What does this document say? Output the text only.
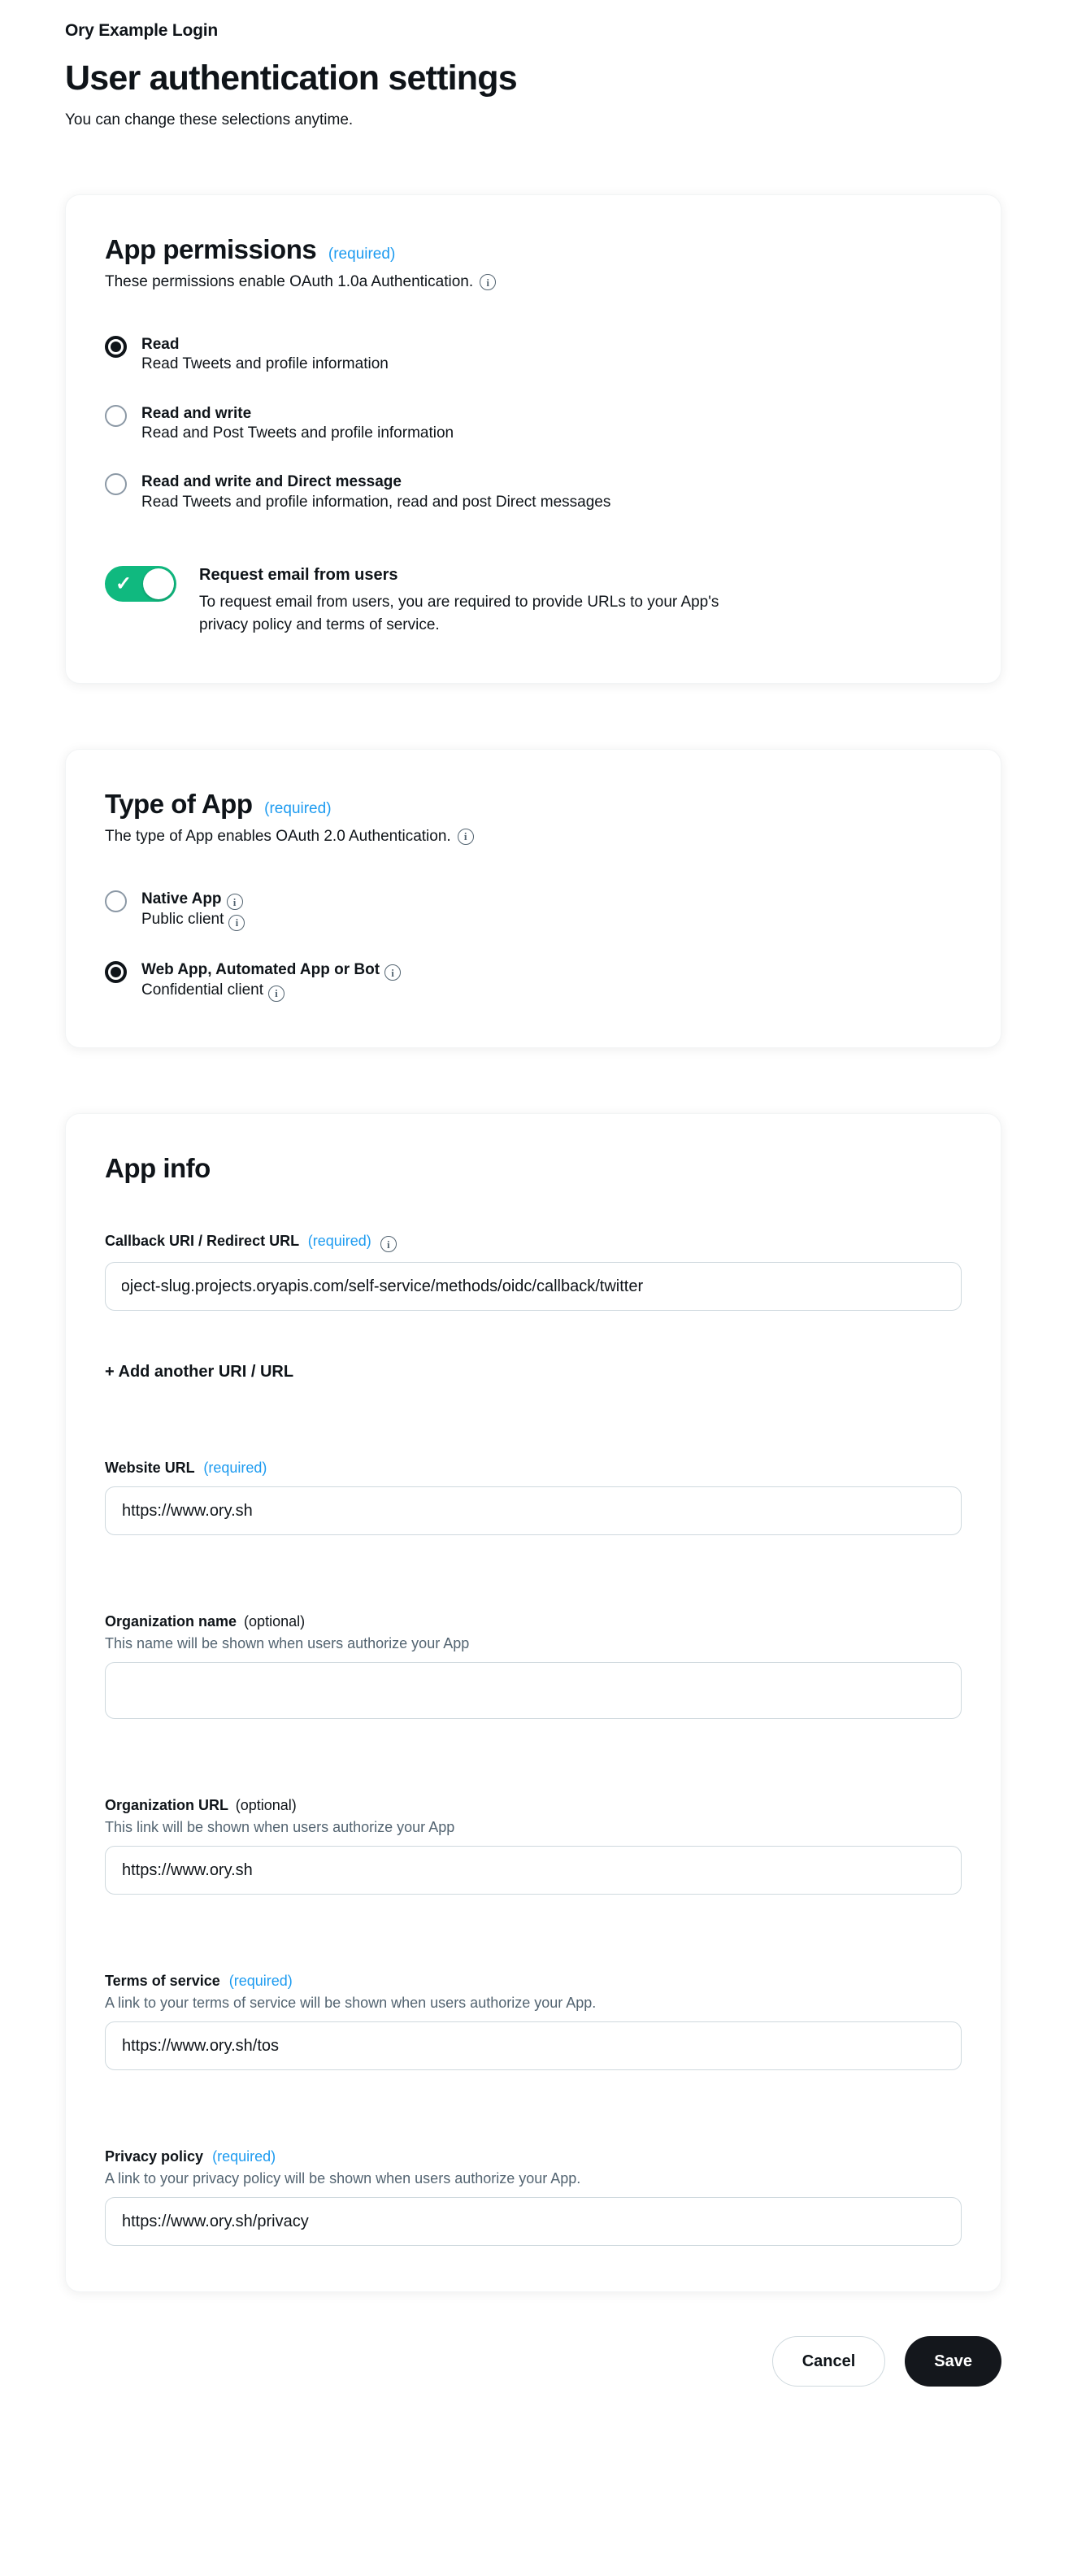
Ory Example Login
User authentication settings
You can change these selections anytime.
App permissions (required)
These permissions enable OAuth 1.0a Authentication.
i
Read
Read Tweets and profile information
Read and write
Read and Post Tweets and profile information
Read and write and Direct message
Read Tweets and profile information, read and post Direct messages
✓
Request email from users
To request email from users, you are required to provide URLs to your App's privacy policy and terms of service.
Type of App (required)
The type of App enables OAuth 2.0 Authentication.
i
Native Appi
Public clienti
Web App, Automated App or Boti
Confidential clienti
App info
Callback URI / Redirect URL (required) i
roject-slug.projects.oryapis.com/self-service/methods/oidc/callback/twitter
+ Add another URI / URL
Website URL (required)
https://www.ory.sh
Organization name (optional)
This name will be shown when users authorize your App
Organization URL (optional)
This link will be shown when users authorize your App
https://www.ory.sh
Terms of service (required)
A link to your terms of service will be shown when users authorize your App.
https://www.ory.sh/tos
Privacy policy (required)
A link to your privacy policy will be shown when users authorize your App.
https://www.ory.sh/privacy
Cancel	Save
